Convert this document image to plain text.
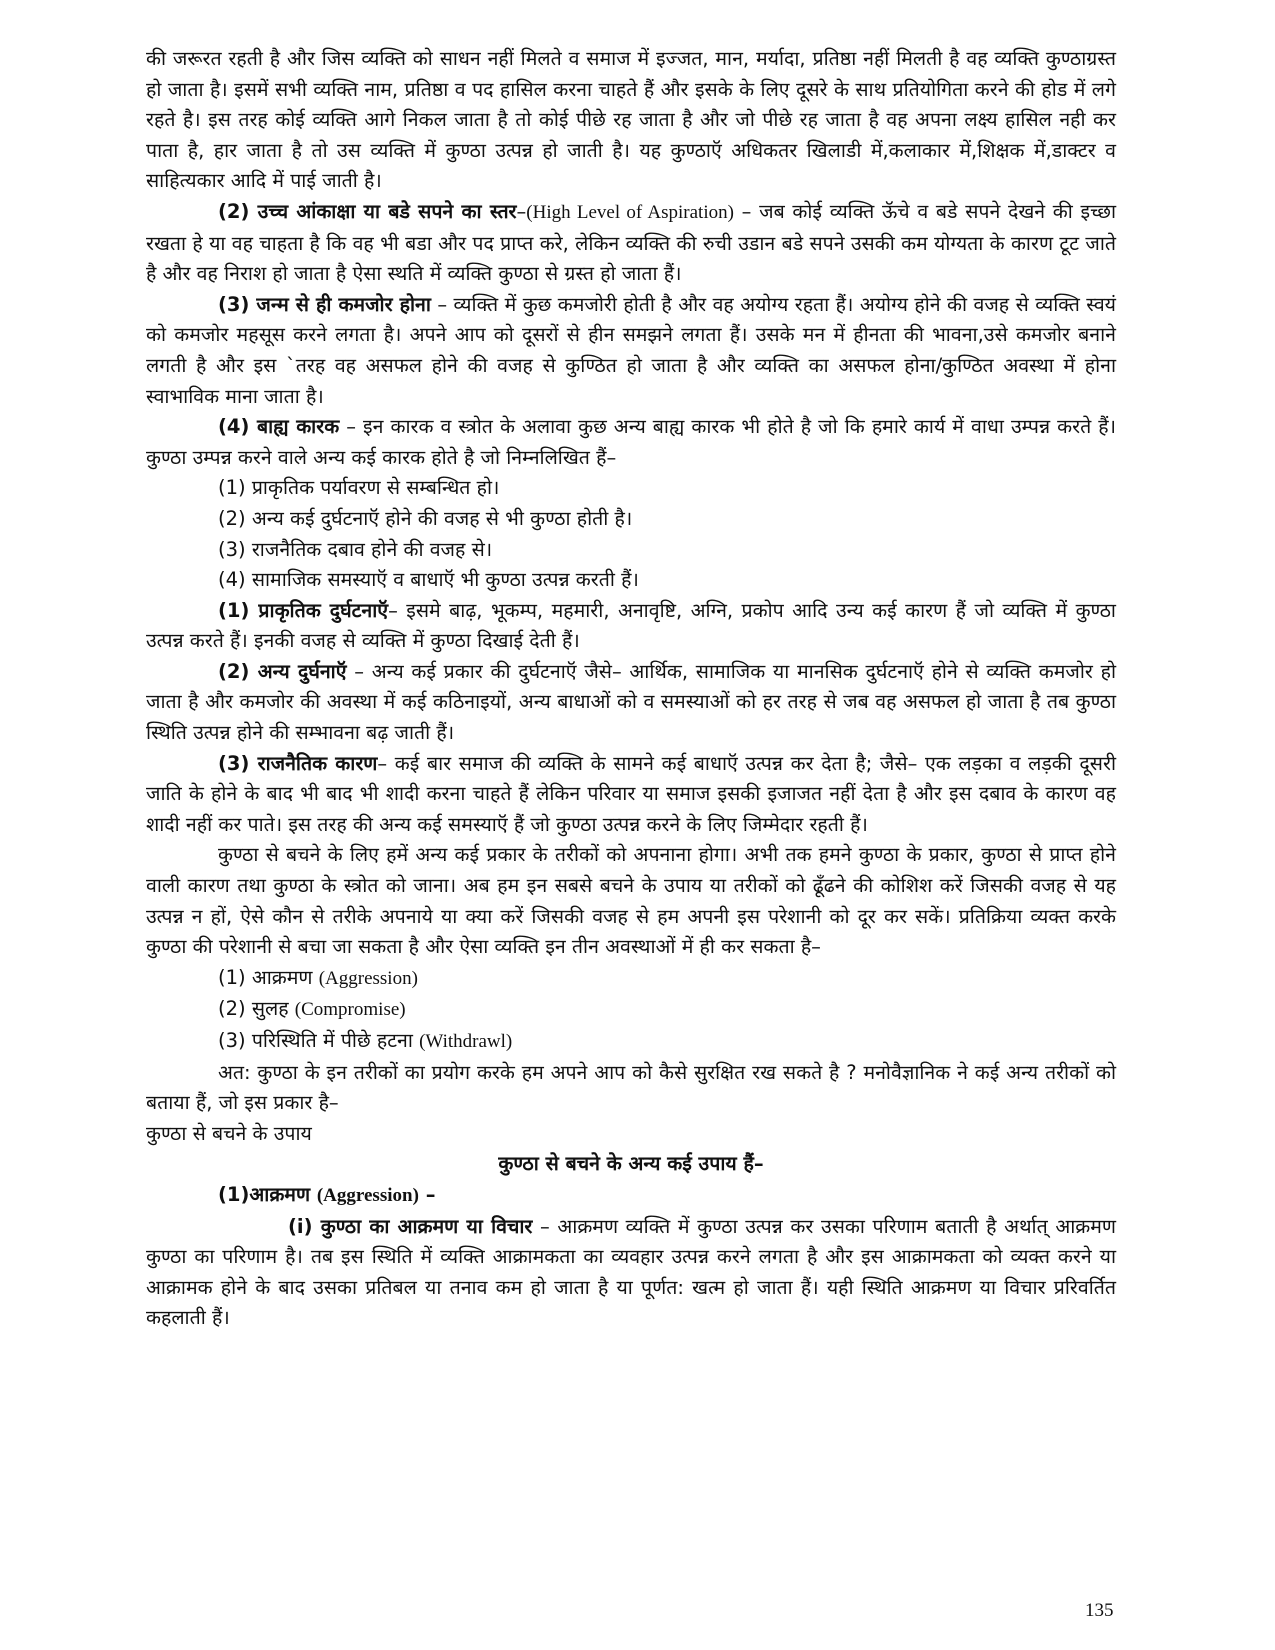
की जरूरत रहती है और जिस व्यक्ति को साधन नहीं मिलते व समाज में इज्जत, मान, मर्यादा, प्रतिष्ठा नहीं मिलती है वह व्यक्ति कुण्ठाग्रस्त हो जाता है। इसमें सभी व्यक्ति नाम, प्रतिष्ठा व पद हासिल करना चाहते हैं और इसके के लिए दूसरे के साथ प्रतियोगिता करने की होड में लगे रहते है। इस तरह कोई व्यक्ति आगे निकल जाता है तो कोई पीछे रह जाता है और जो पीछे रह जाता है वह अपना लक्ष्य हासिल नही कर पाता है, हार जाता है तो उस व्यक्ति में कुण्ठा उत्पन्न हो जाती है। यह कुण्ठाऍ अधिकतर खिलाडी में,कलाकार में,शिक्षक में,डाक्टर व साहित्यकार आदि में पाई जाती है।

(2) उच्च आंकाक्षा या बडे सपने का स्तर–(High Level of Aspiration) – जब कोई व्यक्ति ऊॅचे व बडे सपने देखने की इच्छा रखता हे या वह चाहता है कि वह भी बडा और पद प्राप्त करे, लेकिन व्यक्ति की रुची उडान बडे सपने उसकी कम योग्यता के कारण टूट जाते है और वह निराश हो जाता है ऐसा स्थति में व्यक्ति कुण्ठा से ग्रस्त हो जाता हैं।

(3) जन्म से ही कमजोर होना – व्यक्ति में कुछ कमजोरी होती है और वह अयोग्य रहता हैं। अयोग्य होने की वजह से व्यक्ति स्वयं को कमजोर महसूस करने लगता है। अपने आप को दूसरों से हीन समझने लगता हैं। उसके मन में हीनता की भावना,उसे कमजोर बनाने लगती है और इस `तरह वह असफल होने की वजह से कुण्ठित हो जाता है और व्यक्ति का असफल होना/कुण्ठित अवस्था में होना स्वाभाविक माना जाता है।

(4) बाह्य कारक – इन कारक व स्त्रोत के अलावा कुछ अन्य बाह्य कारक भी होते है जो कि हमारे कार्य में वाधा उम्पन्न करते हैं। कुण्ठा उम्पन्न करने वाले अन्य कई कारक होते है जो निम्नलिखित हैं–

(1) प्राकृतिक पर्यावरण से सम्बन्धित हो।

(2) अन्य कई दुर्घटनाऍ होने की वजह से भी कुण्ठा होती है।

(3) राजनैतिक दबाव होने की वजह से।

(4) सामाजिक समस्याऍ व बाधाऍ भी कुण्ठा उत्पन्न करती हैं।

(1) प्राकृतिक दुर्घटनाऍ– इसमे बाढ़, भूकम्प, महमारी, अनावृष्टि, अग्नि, प्रकोप आदि उन्य कई कारण हैं जो व्यक्ति में कुण्ठा उत्पन्न करते हैं। इनकी वजह से व्यक्ति में कुण्ठा दिखाई देती हैं।

(2) अन्य दुर्घनाऍ – अन्य कई प्रकार की दुर्घटनाऍ जैसे– आर्थिक, सामाजिक या मानसिक दुर्घटनाऍ होने से व्यक्ति कमजोर हो जाता है और कमजोर की अवस्था में कई कठिनाइयों, अन्य बाधाओं को व समस्याओं को हर तरह से जब वह असफल हो जाता है तब कुण्ठा स्थिति उत्पन्न होने की सम्भावना बढ़ जाती हैं।

(3) राजनैतिक कारण– कई बार समाज की व्यक्ति के सामने कई बाधाऍ उत्पन्न कर देता है; जैसे– एक लड़का व लड़की दूसरी जाति के होने के बाद भी बाद भी शादी करना चाहते हैं लेकिन परिवार या समाज इसकी इजाजत नहीं देता है और इस दबाव के कारण वह शादी नहीं कर पाते। इस तरह की अन्य कई समस्याऍ हैं जो कुण्ठा उत्पन्न करने के लिए जिम्मेदार रहती हैं।

कुण्ठा से बचने के लिए हमें अन्य कई प्रकार के तरीकों को अपनाना होगा। अभी तक हमने कुण्ठा के प्रकार, कुण्ठा से प्राप्त होने वाली कारण तथा कुण्ठा के स्त्रोत को जाना। अब हम इन सबसे बचने के उपाय या तरीकों को ढूँढने की कोशिश करें जिसकी वजह से यह उत्पन्न न हों, ऐसे कौन से तरीके अपनाये या क्या करें जिसकी वजह से हम अपनी इस परेशानी को दूर कर सकें। प्रतिक्रिया व्यक्त करके कुण्ठा की परेशानी से बचा जा सकता है और ऐसा व्यक्ति इन तीन अवस्थाओं में ही कर सकता है–

(1) आक्रमण (Aggression)

(2) सुलह (Compromise)

(3) परिस्थिति में पीछे हटना (Withdrawl)

अत: कुण्ठा के इन तरीकों का प्रयोग करके हम अपने आप को कैसे सुरक्षित रख सकते है ? मनोवैज्ञानिक ने कई अन्य तरीकों को बताया हैं, जो इस प्रकार है–

कुण्ठा से बचने के उपाय

कुण्ठा से बचने के अन्य कई उपाय हैं–

(1)आक्रमण (Aggression) –

(i) कुण्ठा का आक्रमण या विचार – आक्रमण व्यक्ति में कुण्ठा उत्पन्न कर उसका परिणाम बताती है अर्थात् आक्रमण कुण्ठा का परिणाम है। तब इस स्थिति में व्यक्ति आक्रामकता का व्यवहार उत्पन्न करने लगता है और इस आक्रामकता को व्यक्त करने या आक्रामक होने के बाद उसका प्रतिबल या तनाव कम हो जाता है या पूर्णत: खत्म हो जाता हैं। यही स्थिति आक्रमण या विचार प्ररिवर्तित कहलाती हैं।

135
